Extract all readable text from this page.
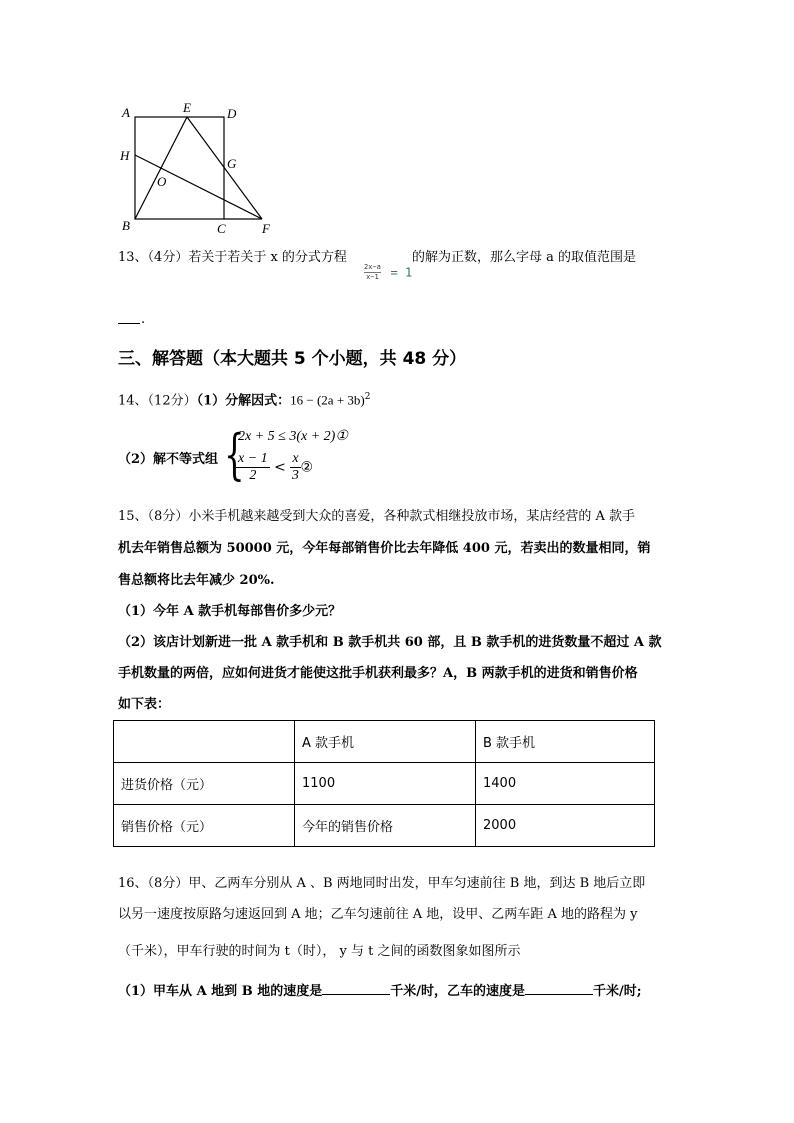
A	E	D
H
G
O
B	C	F
13、（4分）若关于若关于 x 的分式方程
$\frac{2x-a}{x-1} = 1$
的解为正数，那么字母 a 的取值范围是
.
三、解答题（本大题共 5 个小题，共 48 分）
14、（12分）（1）分解因式：$16 - (2a + 3b)^2$
（2）解不等式组 {
2x + 5 ≤ 3(x + 2)①
$\frac{x - 1}{2} < \frac{x}{3}$ ②
15、（8分）小米手机越来越受到大众的喜爱，各种款式相继投放市场，某店经营的 A 款手
机去年销售总额为 50000 元，今年每部销售价比去年降低 400 元，若卖出的数量相同，销
售总额将比去年减少 20%.
（1）今年 A 款手机每部售价多少元？
（2）该店计划新进一批 A 款手机和 B 款手机共 60 部，且 B 款手机的进货数量不超过 A 款
手机数量的两倍，应如何进货才能使这批手机获利最多？A，B 两款手机的进货和销售价格
如下表：
	A 款手机	B 款手机
进货价格（元）	1100	1400
销售价格（元）	今年的销售价格	2000
16、（8分）甲、乙两车分别从 A 、B 两地同时出发，甲车匀速前往 B 地，到达 B 地后立即
以另一速度按原路匀速返回到 A 地；乙车匀速前往 A 地，设甲、乙两车距 A 地的路程为 y
（千米），甲车行驶的时间为 t（时）， y 与 t 之间的函数图象如图所示
（1）甲车从 A 地到 B 地的速度是	千米/时，乙车的速度是	千米/时;
